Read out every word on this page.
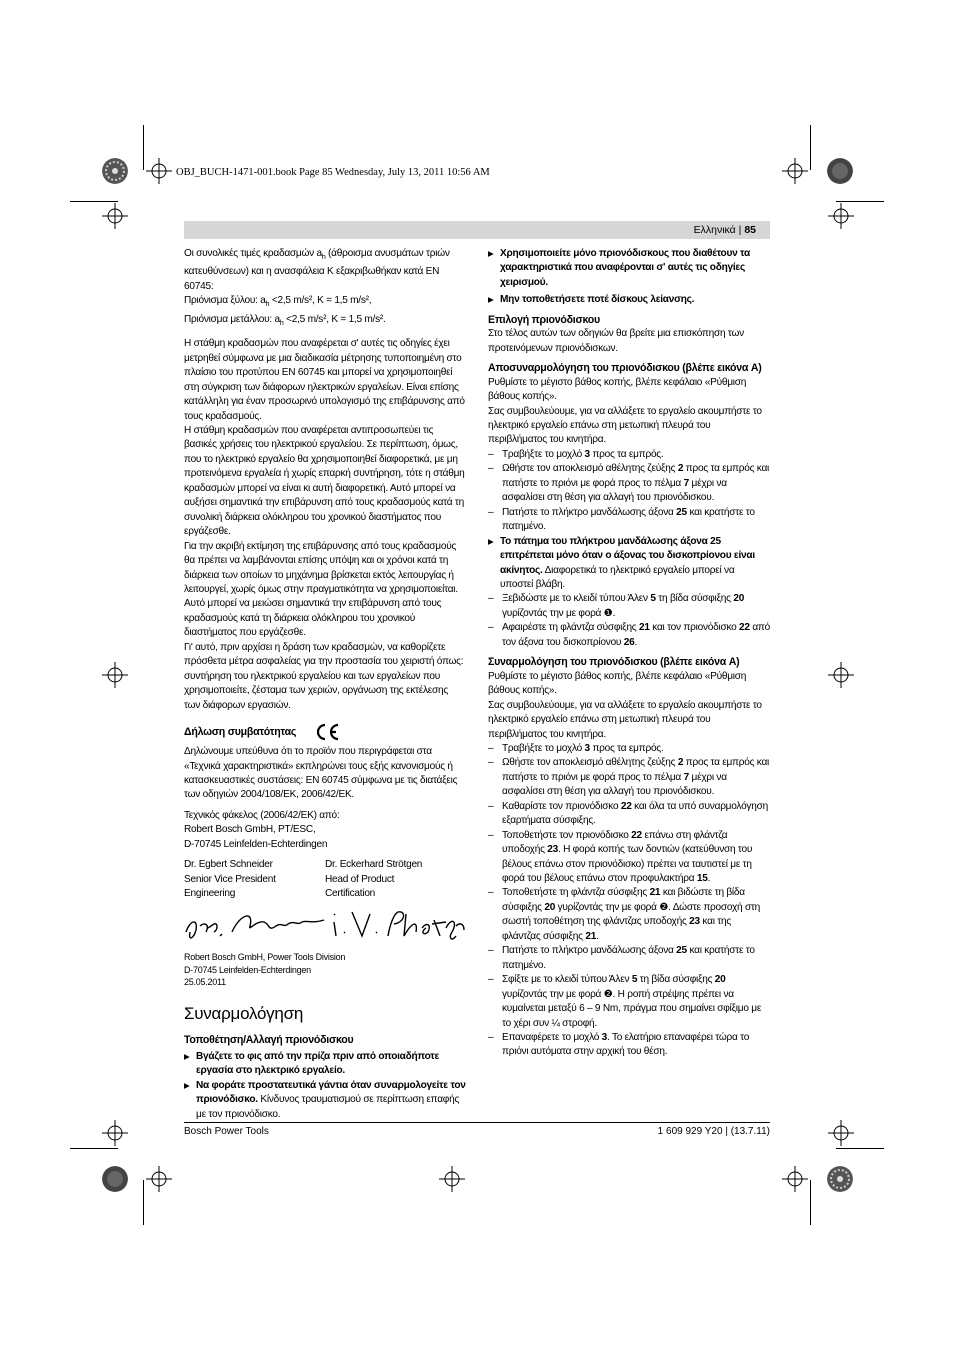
OBJ_BUCH-1471-001.book Page 85 Wednesday, July 13, 2011 10:56 AM
Ελληνικά | 85

Οι συνολικές τιμές κραδασμών $a_h$ (άθροισμα ανυσμάτων τριών κατευθύνσεων) και η ανασφάλεια K εξακριβωθήκαν κατά EN 60745:

Πριόνισμα ξύλου: $a_h <2,5$ m/s², K = 1,5 m/s²,

Πριόνισμα μετάλλου: $a_h <2,5$ m/s², K = 1,5 m/s².

Η στάθμη κραδασμών που αναφέρεται σ' αυτές τις οδηγίες έχει μετρηθεί σύμφωνα με μια διαδικασία μέτρησης τυποποιημένη στο πλαίσιο του προτύπου EN 60745 και μπορεί να χρησιμοποιηθεί στη σύγκριση των διάφορων ηλεκτρικών εργαλείων. Είναι επίσης κατάλληλη για έναν προσωρινό υπολογισμό της επιβάρυνσης από τους κραδασμούς.

Η στάθμη κραδασμών που αναφέρεται αντιπροσωπεύει τις βασικές χρήσεις του ηλεκτρικού εργαλείου. Σε περίπτωση, όμως, που το ηλεκτρικό εργαλείο θα χρησιμοποιηθεί διαφορετικά, με μη προτεινόμενα εργαλεία ή χωρίς επαρκή συντήρηση, τότε η στάθμη κραδασμών μπορεί να είναι κι αυτή διαφορετική. Αυτό μπορεί να αυξήσει σημαντικά την επιβάρυνση από τους κραδασμούς κατά τη συνολική διάρκεια ολόκληρου του χρονικού διαστήματος που εργάζεσθε.

Για την ακριβή εκτίμηση της επιβάρυνσης από τους κραδασμούς θα πρέπει να λαμβάνονται επίσης υπόψη και οι χρόνοι κατά τη διάρκεια των οποίων το μηχάνημα βρίσκεται εκτός λειτουργίας ή λειτουργεί, χωρίς όμως στην πραγματικότητα να χρησιμοποιείται. Αυτό μπορεί να μειώσει σημαντικά την επιβάρυνση από τους κραδασμούς κατά τη διάρκεια ολόκληρου του χρονικού διαστήματος που εργάζεσθε.

Γι' αυτό, πριν αρχίσει η δράση των κραδασμών, να καθορίζετε πρόσθετα μέτρα ασφαλείας για την προστασία του χειριστή όπως: συντήρηση του ηλεκτρικού εργαλείου και των εργαλείων που χρησιμοποιείτε, ζέσταμα των χεριών, οργάνωση της εκτέλεσης των διάφορων εργασιών.

Δήλωση συμβατότητας

Δηλώνουμε υπεύθυνα ότι το προϊόν που περιγράφεται στα «Τεχνικά χαρακτηριστικά» εκπληρώνει τους εξής κανονισμούς ή κατασκευαστικές συστάσεις: EN 60745 σύμφωνα με τις διατάξεις των οδηγιών 2004/108/EK, 2006/42/EK.

Τεχνικός φάκελος (2006/42/EK) από:

Robert Bosch GmbH, PT/ESC,

D-70745 Leinfelden-Echterdingen

Dr. Egbert Schneider

Senior Vice President

Engineering

Dr. Eckerhard Strötgen

Head of Product

Certification

Robert Bosch GmbH, Power Tools Division

D-70745 Leinfelden-Echterdingen

25.05.2011

Συναρμολόγηση

Τοποθέτηση/Αλλαγή πριονόδισκου

▶ Βγάζετε το φις από την πρίζα πριν από οποιαδήποτε εργασία στο ηλεκτρικό εργαλείο.

▶ Να φοράτε προστατευτικά γάντια όταν συναρμολογείτε τον πριονόδισκο. Κίνδυνος τραυματισμού σε περίπτωση επαφής με τον πριονόδισκο.

▶ Χρησιμοποιείτε μόνο πριονόδισκους που διαθέτουν τα χαρακτηριστικά που αναφέρονται σ' αυτές τις οδηγίες χειρισμού.

▶ Μην τοποθετήσετε ποτέ δίσκους λείανσης.

Επιλογή πριονόδισκου

Στο τέλος αυτών των οδηγιών θα βρείτε μια επισκόπηση των προτεινόμενων πριονόδισκων.

Αποσυναρμολόγηση του πριονόδισκου (βλέπε εικόνα A)

Ρυθμίστε το μέγιστο βάθος κοπής, βλέπε κεφάλαιο «Ρύθμιση βάθους κοπής».

Σας συμβουλεύουμε, για να αλλάξετε το εργαλείο ακουμπήστε το ηλεκτρικό εργαλείο επάνω στη μετωπική πλευρά του περιβλήματος του κινητήρα.

– Τραβήξτε το μοχλό 3 προς τα εμπρός.

– Ωθήστε τον αποκλεισμό αθέλητης ζεύξης 2 προς τα εμπρός και πατήστε το πριόνι με φορά προς το πέλμα 7 μέχρι να ασφαλίσει στη θέση για αλλαγή του πριονόδισκου.

– Πατήστε το πλήκτρο μανδάλωσης άξονα 25 και κρατήστε το πατημένο.

▶ Το πάτημα του πλήκτρου μανδάλωσης άξονα 25 επιτρέπεται μόνο όταν ο άξονας του δισκοπρίονου είναι ακίνητος. Διαφορετικά το ηλεκτρικό εργαλείο μπορεί να υποστεί βλάβη.

– Ξεβιδώστε με το κλειδί τύπου Άλεν 5 τη βίδα σύσφιξης 20 γυρίζοντάς την με φορά ❶.

– Αφαιρέστε τη φλάντζα σύσφιξης 21 και τον πριονόδισκο 22 από τον άξονα του δισκοπρίονου 26.

Συναρμολόγηση του πριονόδισκου (βλέπε εικόνα A)

Ρυθμίστε το μέγιστο βάθος κοπής, βλέπε κεφάλαιο «Ρύθμιση βάθους κοπής».

Σας συμβουλεύουμε, για να αλλάξετε το εργαλείο ακουμπήστε το ηλεκτρικό εργαλείο επάνω στη μετωπική πλευρά του περιβλήματος του κινητήρα.

– Τραβήξτε το μοχλό 3 προς τα εμπρός.

– Ωθήστε τον αποκλεισμό αθέλητης ζεύξης 2 προς τα εμπρός και πατήστε το πριόνι με φορά προς το πέλμα 7 μέχρι να ασφαλίσει στη θέση για αλλαγή του πριονόδισκου.

– Καθαρίστε τον πριονόδισκο 22 και όλα τα υπό συναρμολόγηση εξαρτήματα σύσφιξης.

– Τοποθετήστε τον πριονόδισκο 22 επάνω στη φλάντζα υποδοχής 23. Η φορά κοπής των δοντιών (κατεύθυνση του βέλους επάνω στον πριονόδισκο) πρέπει να ταυτιστεί με τη φορά του βέλους επάνω στον προφυλακτήρα 15.

– Τοποθετήστε τη φλάντζα σύσφιξης 21 και βιδώστε τη βίδα σύσφιξης 20 γυρίζοντάς την με φορά ❷. Δώστε προσοχή στη σωστή τοποθέτηση της φλάντζας υποδοχής 23 και της φλάντζας σύσφιξης 21.

– Πατήστε το πλήκτρο μανδάλωσης άξονα 25 και κρατήστε το πατημένο.

– Σφίξτε με το κλειδί τύπου Άλεν 5 τη βίδα σύσφιξης 20 γυρίζοντάς την με φορά ❷. Η ροπή στρέψης πρέπει να κυμαίνεται μεταξύ 6 – 9 Nm, πράγμα που σημαίνει σφίξιμο με το χέρι συν ¼ στροφή.

– Επαναφέρετε το μοχλό 3. Το ελατήριο επαναφέρει τώρα το πριόνι αυτόματα στην αρχική του θέση.

Bosch Power Tools	1 609 929 Y20 | (13.7.11)
